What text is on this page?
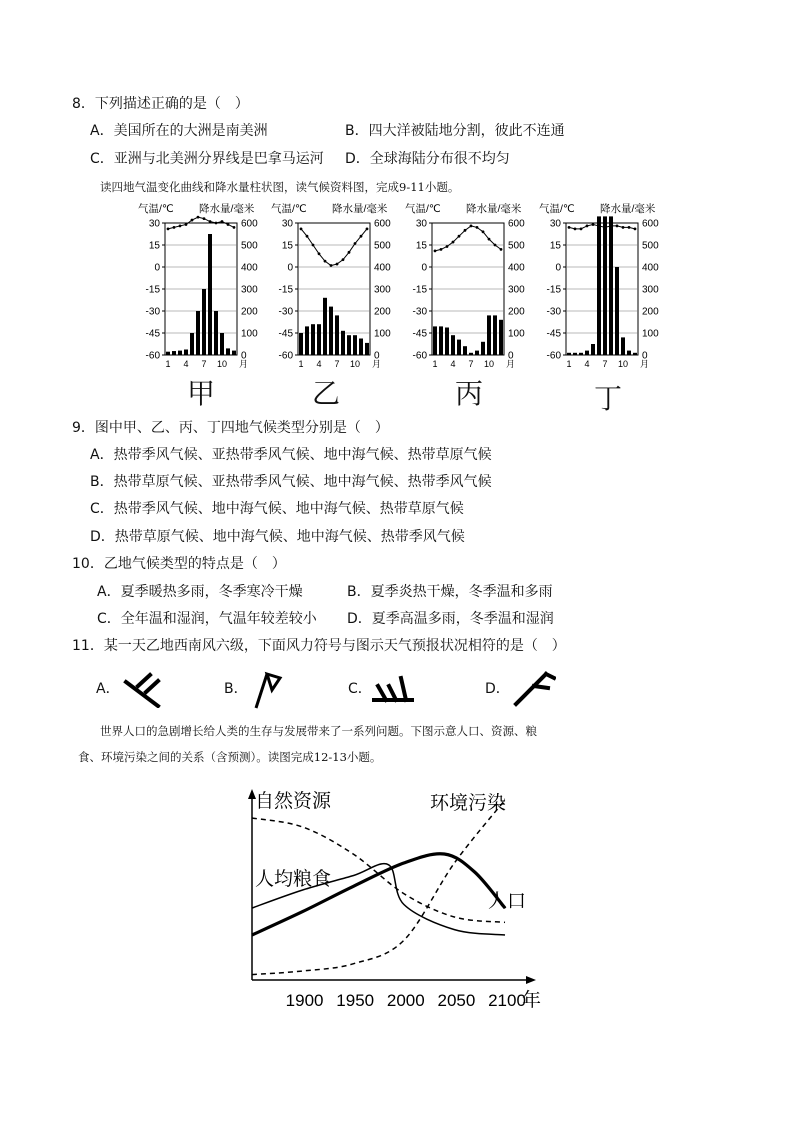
8．下列描述正确的是（　）
A．美国所在的大洲是南美洲	B．四大洋被陆地分割，彼此不连通
C．亚洲与北美洲分界线是巴拿马运河 D．全球海陆分布很不均匀
读四地气温变化曲线和降水量柱状图，读气候资料图，完成9-11小题。
气温/℃ 降水量/毫米
30	600
15	500
0	400
-15	300
-30	200
-45	100
-60	0
1 4 7 10 月
气温/℃ 降水量/毫米
30	600
15	500
0	400
-15	300
-30	200
-45	100
-60	0
1 4 7 10 月
气温/℃ 降水量/毫米
30	600
15	500
0	400
-15	300
-30	200
-45	100
-60	0
1 4 7 10 月
气温/℃ 降水量/毫米
30	600
15	500
0	400
-15	300
-30	200
-45	100
-60	0
1 4 7 10 月
甲	乙	丙	丁
9．图中甲、乙、丙、丁四地气候类型分别是（　）
A．热带季风气候、亚热带季风气候、地中海气候、热带草原气候
B．热带草原气候、亚热带季风气候、地中海气候、热带季风气候
C．热带季风气候、地中海气候、地中海气候、热带草原气候
D．热带草原气候、地中海气候、地中海气候、热带季风气候
10．乙地气候类型的特点是（　）
A．夏季暖热多雨，冬季寒冷干燥	B．夏季炎热干燥，冬季温和多雨
C．全年温和湿润，气温年较差较小 D．夏季高温多雨，冬季温和湿润
11．某一天乙地西南风六级，下面风力符号与图示天气预报状况相符的是（　）
A．	B．	C．	D．
世界人口的急剧增长给人类的生存与发展带来了一系列问题。下图示意人口、资源、粮
食、环境污染之间的关系（含预测）。读图完成12-13小题。
1900 1950 2000 2050 2100
年
自然资源	环境污染
人均粮食
人口
